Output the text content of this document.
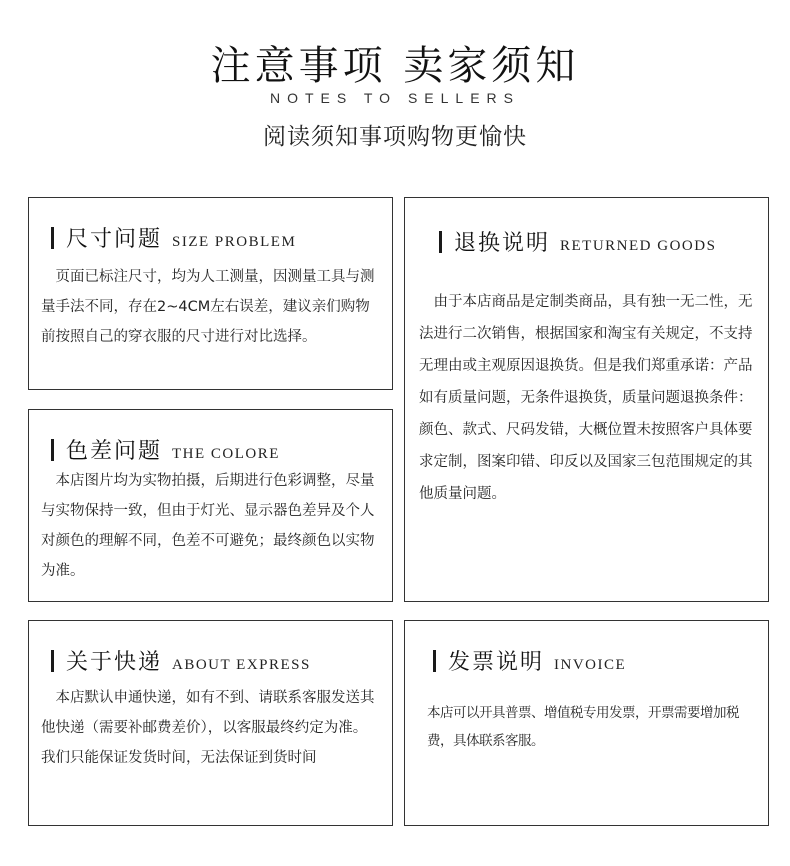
注意事项 卖家须知
NOTES TO SELLERS
阅读须知事项购物更愉快
尺寸问题 SIZE PROBLEM
　页面已标注尺寸，均为人工测量，因测量工具与测量手法不同，存在2~4CM左右误差，建议亲们购物前按照自己的穿衣服的尺寸进行对比选择。
退换说明 RETURNED GOODS
　由于本店商品是定制类商品，具有独一无二性，无法进行二次销售，根据国家和淘宝有关规定，不支持无理由或主观原因退换货。但是我们郑重承诺：产品如有质量问题，无条件退换货，质量问题退换条件：颜色、款式、尺码发错，大概位置未按照客户具体要求定制，图案印错、印反以及国家三包范围规定的其他质量问题。
色差问题 THE COLORE
　本店图片均为实物拍摄，后期进行色彩调整，尽量与实物保持一致，但由于灯光、显示器色差异及个人对颜色的理解不同，色差不可避免；最终颜色以实物为准。
关于快递 ABOUT EXPRESS
　本店默认申通快递，如有不到、请联系客服发送其他快递（需要补邮费差价），以客服最终约定为准。我们只能保证发货时间，无法保证到货时间
发票说明 INVOICE
本店可以开具普票、增值税专用发票，开票需要增加税费，具体联系客服。
